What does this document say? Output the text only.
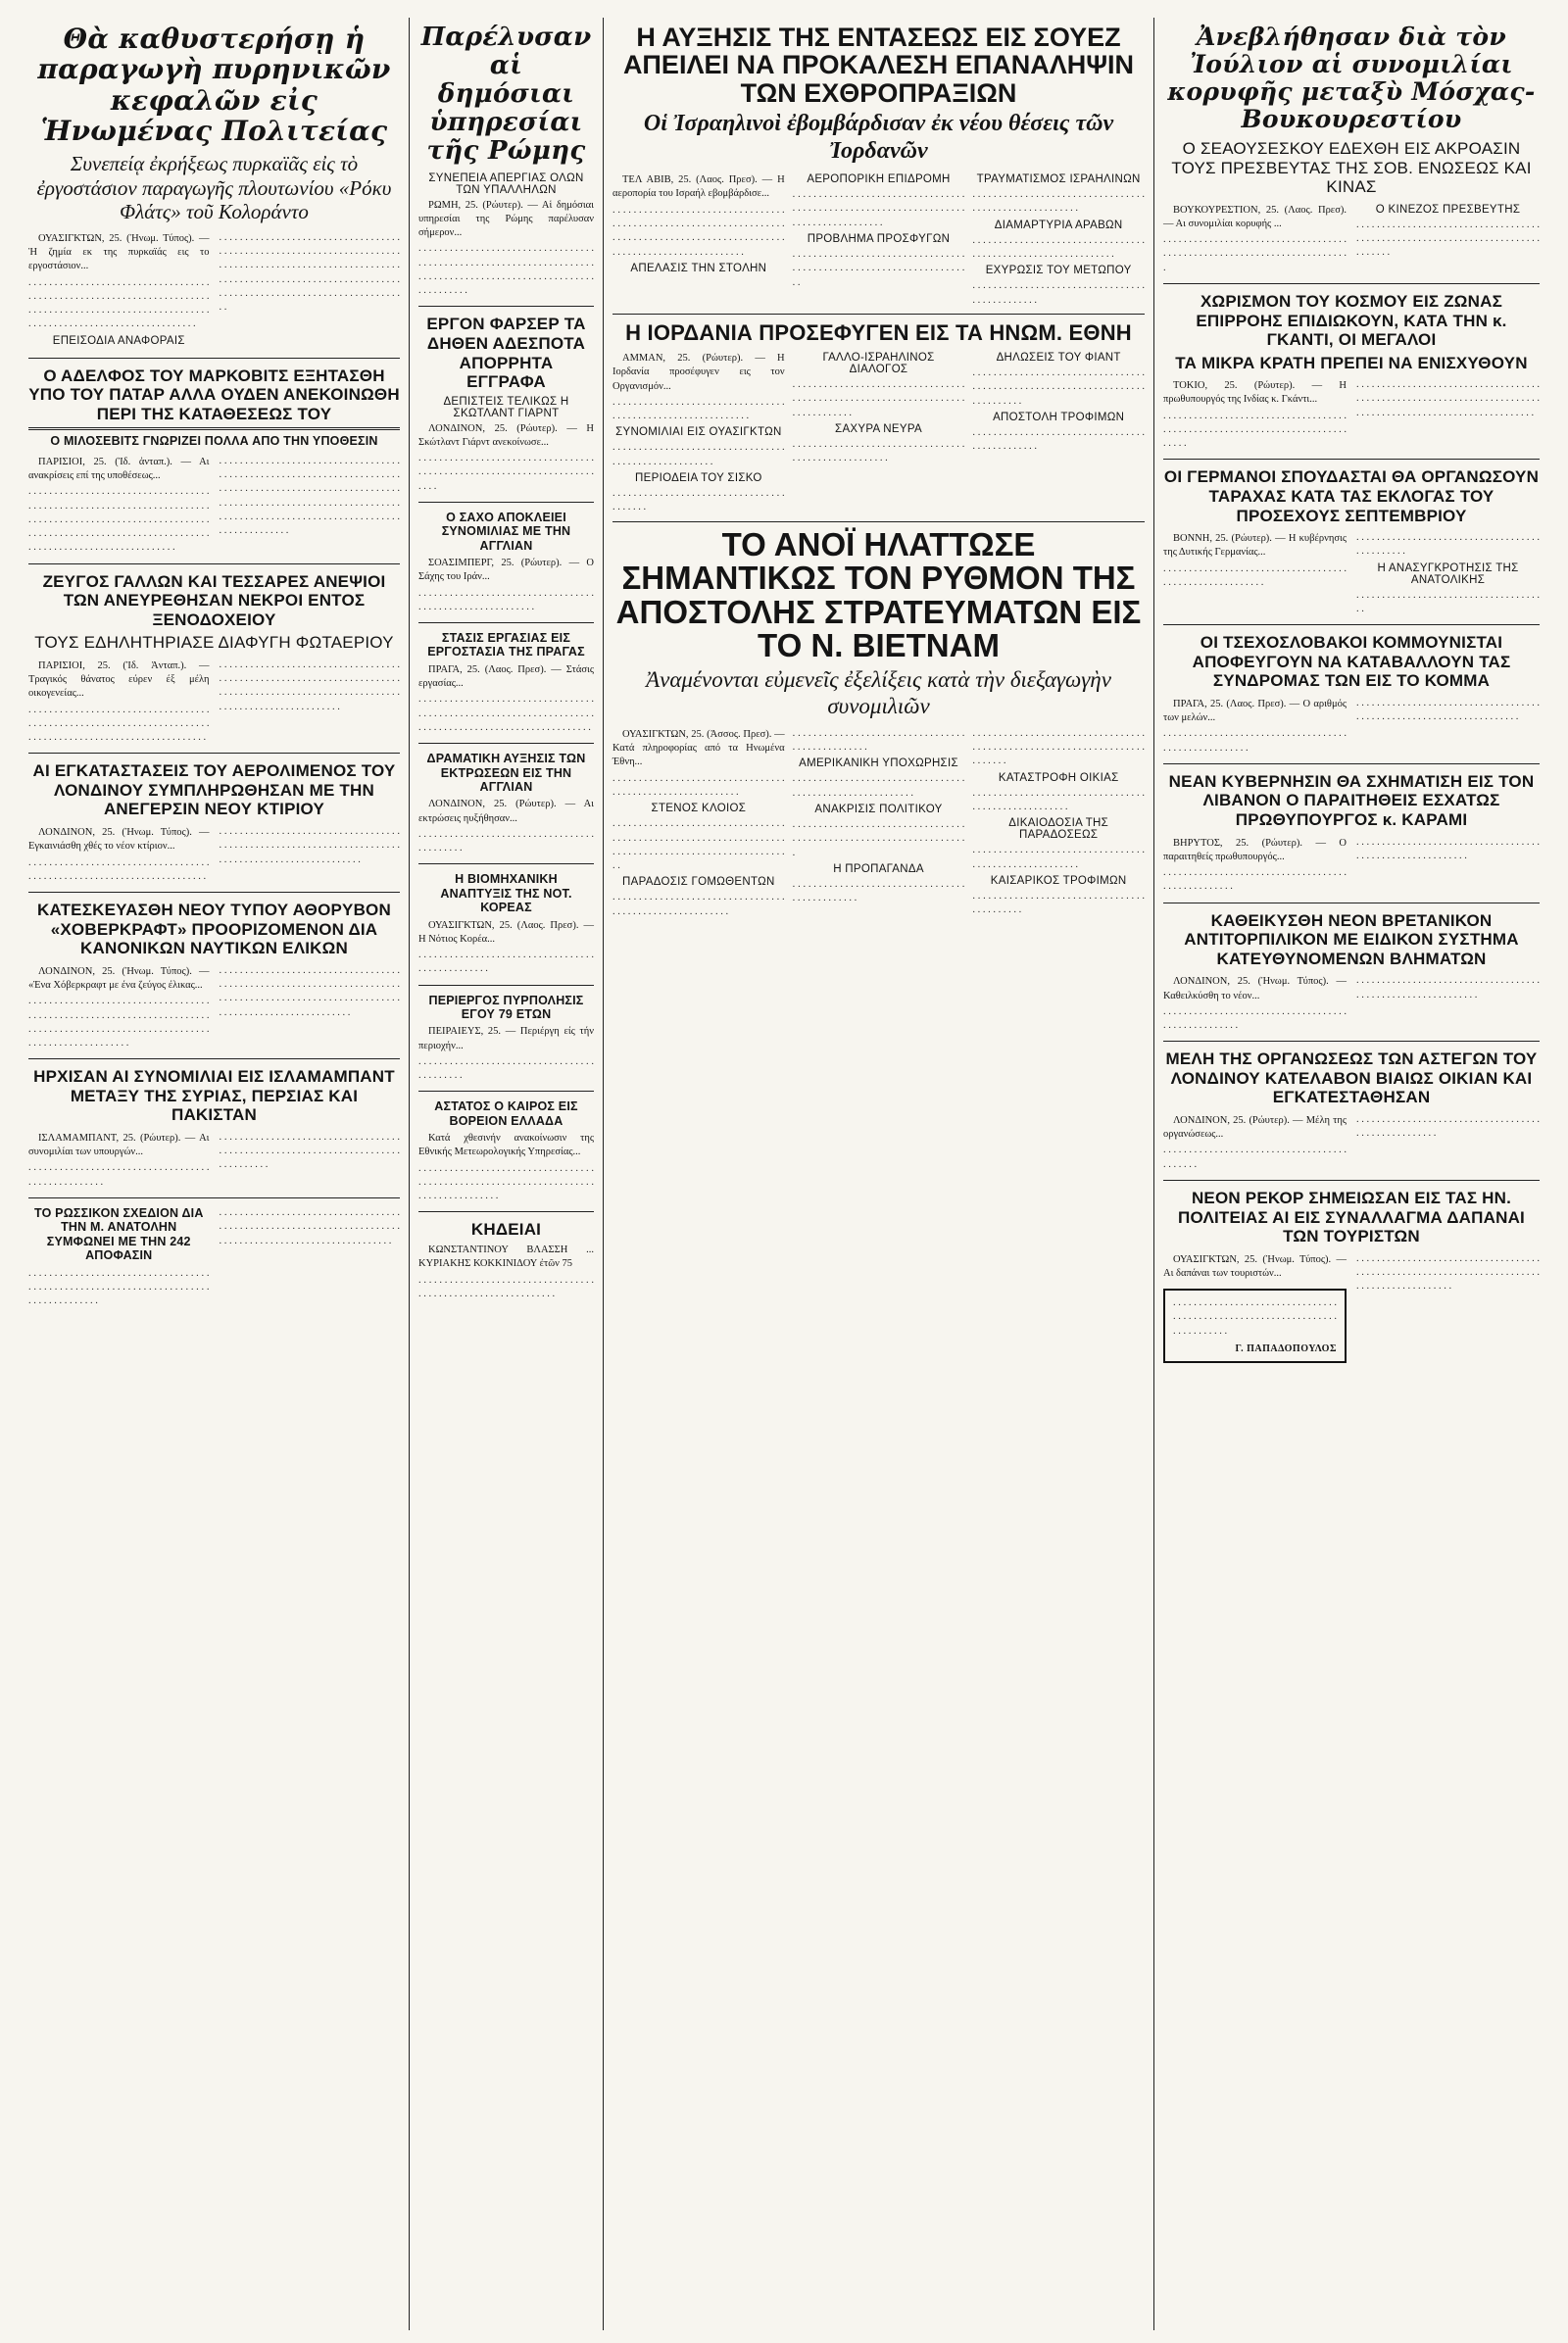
Θὰ καθυστερήσῃ ἡ παραγωγὴ πυρηνικῶν κεφαλῶν εἰς Ἡνωμένας Πολιτείας
Συνεπείᾳ ἐκρήξεως πυρκαϊᾶς εἰς τὸ ἐργοστάσιον παραγωγῆς πλουτωνίου «Ρόκυ Φλάτς» τοῦ Κολοράντο

ΟΥΑΣΙΓΚΤΩΝ, 25. (Ἠνωμ. Τύπος). — Ἡ ζημία εκ της πυρκαϊάς εις το εργοστάσιον...

. . . . . . . . . . . . . . . . . . . . . . . . . . . . . . . . . . . . . . . . . . . . . . . . . . . . . . . . . . . . . . . . . . . . . . . . . . . . . . . . . . . . . . . . . . . . . . . . . . . . . . . . . . . . . . . . . . . . . . . . . . . . . . . . . . . . . . . . . .

ΕΠΕΙΣΟΔΙΑ ΑΝΑΦΟΡΑΙΣ

. . . . . . . . . . . . . . . . . . . . . . . . . . . . . . . . . . . . . . . . . . . . . . . . . . . . . . . . . . . . . . . . . . . . . . . . . . . . . . . . . . . . . . . . . . . . . . . . . . . . . . . . . . . . . . . . . . . . . . . . . . . . . . . . . . . . . . . . . . . . . . . . . . . . . . . . . . . . . . . . . . . . . . . . . . . . . . . . .

Ο ΑΔΕΛΦΟΣ ΤΟΥ ΜΑΡΚΟΒΙΤΣ ΕΞΗΤΑΣΘΗ ΥΠΟ ΤΟΥ ΠΑΤΑΡ ΑΛΛΑ ΟΥΔΕΝ ΑΝΕΚΟΙΝΩΘΗ ΠΕΡΙ ΤΗΣ ΚΑΤΑΘΕΣΕΩΣ ΤΟΥ
Ο ΜΙΛΟΣΕΒΙΤΣ ΓΝΩΡΙΖΕΙ ΠΟΛΛΑ ΑΠΟ ΤΗΝ ΥΠΟΘΕΣΙΝ

ΠΑΡΙΣΙΟΙ, 25. (Ἰδ. ἀνταπ.). — Αι ανακρίσεις επί της υποθέσεως...

. . . . . . . . . . . . . . . . . . . . . . . . . . . . . . . . . . . . . . . . . . . . . . . . . . . . . . . . . . . . . . . . . . . . . . . . . . . . . . . . . . . . . . . . . . . . . . . . . . . . . . . . . . . . . . . . . . . . . . . . . . . . . . . . . . . . . . . . . . . . . . . . . . . . . . . . . . . . . . . . . . . . . . . . .

. . . . . . . . . . . . . . . . . . . . . . . . . . . . . . . . . . . . . . . . . . . . . . . . . . . . . . . . . . . . . . . . . . . . . . . . . . . . . . . . . . . . . . . . . . . . . . . . . . . . . . . . . . . . . . . . . . . . . . . . . . . . . . . . . . . . . . . . . . . . . . . . . . . . . . . . . . . . . . . . . . . . . . . . . . . . . . . . . . . . . . . . . . . . .

ΖΕΥΓΟΣ ΓΑΛΛΩΝ ΚΑΙ ΤΕΣΣΑΡΕΣ ΑΝΕΨΙΟΙ ΤΩΝ ΑΝΕΥΡΕΘΗΣΑΝ ΝΕΚΡΟΙ ΕΝΤΟΣ ΞΕΝΟΔΟΧΕΙΟΥ
ΤΟΥΣ ΕΔΗΛΗΤΗΡΙΑΣΕ ΔΙΑΦΥΓΗ ΦΩΤΑΕΡΙΟΥ

ΠΑΡΙΣΙΟΙ, 25. (Ἰδ. Ἀνταπ.). — Τραγικός θάνατος εύρεν έξ μέλη οικογενείας...

. . . . . . . . . . . . . . . . . . . . . . . . . . . . . . . . . . . . . . . . . . . . . . . . . . . . . . . . . . . . . . . . . . . . . . . . . . . . . . . . . . . . . . . . . . . . . . . . . . . . . . . . .

. . . . . . . . . . . . . . . . . . . . . . . . . . . . . . . . . . . . . . . . . . . . . . . . . . . . . . . . . . . . . . . . . . . . . . . . . . . . . . . . . . . . . . . . . . . . . . . . . . . . . . . . . . . . . . . . . . . . . . . . . . . . . . . . .

ΑΙ ΕΓΚΑΤΑΣΤΑΣΕΙΣ ΤΟΥ ΑΕΡΟΛΙΜΕΝΟΣ ΤΟΥ ΛΟΝΔΙΝΟΥ ΣΥΜΠΛΗΡΩΘΗΣΑΝ ΜΕ ΤΗΝ ΑΝΕΓΕΡΣΙΝ ΝΕΟΥ ΚΤΙΡΙΟΥ

ΛΟΝΔΙΝΟΝ, 25. (Ἠνωμ. Τύπος). — Εγκαινιάσθη χθές το νέον κτίριον...

. . . . . . . . . . . . . . . . . . . . . . . . . . . . . . . . . . . . . . . . . . . . . . . . . . . . . . . . . . . . . . . . . . . . . .

. . . . . . . . . . . . . . . . . . . . . . . . . . . . . . . . . . . . . . . . . . . . . . . . . . . . . . . . . . . . . . . . . . . . . . . . . . . . . . . . . . . . . . . . . . . . . . . . . .

ΚΑΤΕΣΚΕΥΑΣΘΗ ΝΕΟΥ ΤΥΠΟΥ ΑΘΟΡΥΒΟΝ «ΧΟΒΕΡΚΡΑΦΤ» ΠΡΟΟΡΙΖΟΜΕΝΟΝ ΔΙΑ ΚΑΝΟΝΙΚΩΝ ΝΑΥΤΙΚΩΝ ΕΛΙΚΩΝ

ΛΟΝΔΙΝΟΝ, 25. (Ἠνωμ. Τύπος). — «Ένα Χόβερκραφτ με ένα ζεύγος έλικας...

. . . . . . . . . . . . . . . . . . . . . . . . . . . . . . . . . . . . . . . . . . . . . . . . . . . . . . . . . . . . . . . . . . . . . . . . . . . . . . . . . . . . . . . . . . . . . . . . . . . . . . . . . . . . . . . . . . . . . . . . . . . . .

. . . . . . . . . . . . . . . . . . . . . . . . . . . . . . . . . . . . . . . . . . . . . . . . . . . . . . . . . . . . . . . . . . . . . . . . . . . . . . . . . . . . . . . . . . . . . . . . . . . . . . . . . . . . . . . . . . . . . . . . . . . . . . . . . . .

ΗΡΧΙΣΑΝ ΑΙ ΣΥΝΟΜΙΛΙΑΙ ΕΙΣ ΙΣΛΑΜΑΜΠΑΝΤ ΜΕΤΑΞΥ ΤΗΣ ΣΥΡΙΑΣ, ΠΕΡΣΙΑΣ ΚΑΙ ΠΑΚΙΣΤΑΝ

ΙΣΛΑΜΑΜΠΑΝΤ, 25. (Ρώυτερ). — Αι συνομιλίαι των υπουργών...

. . . . . . . . . . . . . . . . . . . . . . . . . . . . . . . . . . . . . . . . . . . . . . . . . .

. . . . . . . . . . . . . . . . . . . . . . . . . . . . . . . . . . . . . . . . . . . . . . . . . . . . . . . . . . . . . . . . . . . . . . . . . . . . . . . .

ΤΟ ΡΩΣΣΙΚΟΝ ΣΧΕΔΙΟΝ ΔΙΑ ΤΗΝ Μ. ΑΝΑΤΟΛΗΝ ΣΥΜΦΩΝΕΙ ΜΕ ΤΗΝ 242 ΑΠΟΦΑΣΙΝ

. . . . . . . . . . . . . . . . . . . . . . . . . . . . . . . . . . . . . . . . . . . . . . . . . . . . . . . . . . . . . . . . . . . . . . . . . . . . . . . . . . . .

. . . . . . . . . . . . . . . . . . . . . . . . . . . . . . . . . . . . . . . . . . . . . . . . . . . . . . . . . . . . . . . . . . . . . . . . . . . . . . . . . . . . . . . . . . . . . . . . . . . . . . . .

Παρέλυσαν αἱ δημόσιαι ὑπηρεσίαι τῆς Ρώμης
ΣΥΝΕΠΕΙΑ ΑΠΕΡΓΙΑΣ ΟΛΩΝ ΤΩΝ ΥΠΑΛΛΗΛΩΝ

ΡΩΜΗ, 25. (Ρώυτερ). — Αἱ δημόσιαι υπηρεσίαι της Ρώμης παρέλυσαν σήμερον...

. . . . . . . . . . . . . . . . . . . . . . . . . . . . . . . . . . . . . . . . . . . . . . . . . . . . . . . . . . . . . . . . . . . . . . . . . . . . . . . . . . . . . . . . . . . . . . . . . . . . . . . . . . . . . . . .

ΕΡΓΟΝ ΦΑΡΣΕΡ ΤΑ ΔΗΘΕΝ ΑΔΕΣΠΟΤΑ ΑΠΟΡΡΗΤΑ ΕΓΓΡΑΦΑ
ΔΕΠΙΣΤΕΙΣ ΤΕΛΙΚΩΣ Η ΣΚΩΤΛΑΝΤ ΓΙΑΡΝΤ

ΛΟΝΔΙΝΟΝ, 25. (Ρώυτερ). — Η Σκώτλαντ Γιάρντ ανεκοίνωσε...

. . . . . . . . . . . . . . . . . . . . . . . . . . . . . . . . . . . . . . . . . . . . . . . . . . . . . . . . . . . . . . . . . . . . . . . .

Ο ΣΑΧΟ ΑΠΟΚΛΕΙΕΙ ΣΥΝΟΜΙΛΙΑΣ ΜΕ ΤΗΝ ΑΓΓΛΙΑΝ

ΣΟΑΣΙΜΠΕΡΓ, 25. (Ρώυτερ). — Ο Σάχης του Ιράν...

. . . . . . . . . . . . . . . . . . . . . . . . . . . . . . . . . . . . . . . . . . . . . . . . . . . . . . . . .

ΣΤΑΣΙΣ ΕΡΓΑΣΙΑΣ ΕΙΣ ΕΡΓΟΣΤΑΣΙΑ ΤΗΣ ΠΡΑΓΑΣ

ΠΡΑΓΑ, 25. (Λαος. Πρεσ). — Στάσις εργασίας...

. . . . . . . . . . . . . . . . . . . . . . . . . . . . . . . . . . . . . . . . . . . . . . . . . . . . . . . . . . . . . . . . . . . . . . . . . . . . . . . . . . . . . . . . . . . . . . . . . . . . . .

ΔΡΑΜΑΤΙΚΗ ΑΥΞΗΣΙΣ ΤΩΝ ΕΚΤΡΩΣΕΩΝ ΕΙΣ ΤΗΝ ΑΓΓΛΙΑΝ

ΛΟΝΔΙΝΟΝ, 25. (Ρώυτερ). — Αι εκτρώσεις ηυξήθησαν...

. . . . . . . . . . . . . . . . . . . . . . . . . . . . . . . . . . . . . . . . . . .

Η ΒΙΟΜΗΧΑΝΙΚΗ ΑΝΑΠΤΥΞΙΣ ΤΗΣ ΝΟΤ. ΚΟΡΕΑΣ

ΟΥΑΣΙΓΚΤΩΝ, 25. (Λαος. Πρεσ). — Η Νότιος Κορέα...

. . . . . . . . . . . . . . . . . . . . . . . . . . . . . . . . . . . . . . . . . . . . . . . .

ΠΕΡΙΕΡΓΟΣ ΠΥΡΠΟΛΗΣΙΣ ΕΓΟΥ 79 ΕΤΩΝ

ΠΕΙΡΑΙΕΥΣ, 25. — Περιέργη είς τήν περιοχήν...

. . . . . . . . . . . . . . . . . . . . . . . . . . . . . . . . . . . . . . . . . . .

ΑΣΤΑΤΟΣ Ο ΚΑΙΡΟΣ ΕΙΣ ΒΟΡΕΙΟΝ ΕΛΛΑΔΑ

Κατά χθεσινήν ανακοίνωσιν της Εθνικής Μετεωρολογικής Υπηρεσίας...

. . . . . . . . . . . . . . . . . . . . . . . . . . . . . . . . . . . . . . . . . . . . . . . . . . . . . . . . . . . . . . . . . . . . . . . . . . . . . . . . . . . .

ΚΗΔΕΙΑΙ

ΚΩΝΣΤΑΝΤΙΝΟΥ ΒΛΑΣΣΗ ... ΚΥΡΙΑΚΗΣ ΚΟΚΚΙΝΙΔΟΥ ἐτῶν 75

. . . . . . . . . . . . . . . . . . . . . . . . . . . . . . . . . . . . . . . . . . . . . . . . . . . . . . . . . . . . .

Η ΑΥΞΗΣΙΣ ΤΗΣ ΕΝΤΑΣΕΩΣ ΕΙΣ ΣΟΥΕΖ ΑΠΕΙΛΕΙ ΝΑ ΠΡΟΚΑΛΕΣΗ ΕΠΑΝΑΛΗΨΙΝ ΤΩΝ ΕΧΘΡΟΠΡΑΞΙΩΝ
Οἱ Ἰσραηλινοὶ ἐβομβάρδισαν ἐκ νέου θέσεις τῶν Ἰορδανῶν

ΤΕΛ ΑΒΙΒ, 25. (Λαος. Πρεσ). — Η αεροπορία του Ισραήλ εβομβάρδισε...

. . . . . . . . . . . . . . . . . . . . . . . . . . . . . . . . . . . . . . . . . . . . . . . . . . . . . . . . . . . . . . . . . . . . . . . . . . . . . . . . . . . . . . . . . . . . . . . . . . . . . . . . . . . . . . . . . . . . . . . . . . . . .

ΑΠΕΛΑΣΙΣ ΤΗΝ ΣΤΟΛΗΝ
ΑΕΡΟΠΟΡΙΚΗ ΕΠΙΔΡΟΜΗ

. . . . . . . . . . . . . . . . . . . . . . . . . . . . . . . . . . . . . . . . . . . . . . . . . . . . . . . . . . . . . . . . . . . . . . . . . . . . . . . . . . . .

ΠΡΟΒΛΗΜΑ ΠΡΟΣΦΥΓΩΝ

. . . . . . . . . . . . . . . . . . . . . . . . . . . . . . . . . . . . . . . . . . . . . . . . . . . . . . . . . . . . . . . . . . . .

ΤΡΑΥΜΑΤΙΣΜΟΣ ΙΣΡΑΗΛΙΝΩΝ

. . . . . . . . . . . . . . . . . . . . . . . . . . . . . . . . . . . . . . . . . . . . . . . . . . . . . .

ΔΙΑΜΑΡΤΥΡΙΑ ΑΡΑΒΩΝ

. . . . . . . . . . . . . . . . . . . . . . . . . . . . . . . . . . . . . . . . . . . . . . . . . . . . . . . . . . . . .

ΕΧΥΡΩΣΙΣ ΤΟΥ ΜΕΤΩΠΟΥ

. . . . . . . . . . . . . . . . . . . . . . . . . . . . . . . . . . . . . . . . . . . . . .

Η ΙΟΡΔΑΝΙΑ ΠΡΟΣΕΦΥΓΕΝ ΕΙΣ ΤΑ ΗΝΩΜ. ΕΘΝΗ

ΑΜΜΑΝ, 25. (Ρώυτερ). — Η Ιορδανία προσέφυγεν εις τον Οργανισμόν...

. . . . . . . . . . . . . . . . . . . . . . . . . . . . . . . . . . . . . . . . . . . . . . . . . . . . . . . . . . . .

ΣΥΝΟΜΙΛΙΑΙ ΕΙΣ ΟΥΑΣΙΓΚΤΩΝ

. . . . . . . . . . . . . . . . . . . . . . . . . . . . . . . . . . . . . . . . . . . . . . . . . . . . .

ΠΕΡΙΟΔΕΙΑ ΤΟΥ ΣΙΣΚΟ

. . . . . . . . . . . . . . . . . . . . . . . . . . . . . . . . . . . . . . . .

ΓΑΛΛΟ-ΙΣΡΑΗΛΙΝΟΣ ΔΙΑΛΟΓΟΣ

. . . . . . . . . . . . . . . . . . . . . . . . . . . . . . . . . . . . . . . . . . . . . . . . . . . . . . . . . . . . . . . . . . . . . . . . . . . . . .

ΣΑΧΥΡΑ ΝΕΥΡΑ

. . . . . . . . . . . . . . . . . . . . . . . . . . . . . . . . . . . . . . . . . . . . . . . . . . . .

ΔΗΛΩΣΕΙΣ ΤΟΥ ΦΙΑΝΤ

. . . . . . . . . . . . . . . . . . . . . . . . . . . . . . . . . . . . . . . . . . . . . . . . . . . . . . . . . . . . . . . . . . . . . . . . . . . .

ΑΠΟΣΤΟΛΗ ΤΡΟΦΙΜΩΝ

. . . . . . . . . . . . . . . . . . . . . . . . . . . . . . . . . . . . . . . . . . . . . .

ΤΟ ΑΝΟΪ ΗΛΑΤΤΩΣΕ ΣΗΜΑΝΤΙΚΩΣ ΤΟΝ ΡΥΘΜΟΝ ΤΗΣ ΑΠΟΣΤΟΛΗΣ ΣΤΡΑΤΕΥΜΑΤΩΝ ΕΙΣ ΤΟ Ν. ΒΙΕΤΝΑΜ
Ἀναμένονται εὐμενεῖς ἐξελίξεις κατὰ τὴν διεξαγωγὴν συνομιλιῶν

ΟΥΑΣΙΓΚΤΩΝ, 25. (Ἀσσος. Πρεσ). — Κατά πληροφορίας από τα Ηνωμένα Έθνη...

. . . . . . . . . . . . . . . . . . . . . . . . . . . . . . . . . . . . . . . . . . . . . . . . . . . . . . . . . .

ΣΤΕΝΟΣ ΚΛΟΙΟΣ

. . . . . . . . . . . . . . . . . . . . . . . . . . . . . . . . . . . . . . . . . . . . . . . . . . . . . . . . . . . . . . . . . . . . . . . . . . . . . . . . . . . . . . . . . . . . . . . . . . . . .

ΠΑΡΑΔΟΣΙΣ ΓΟΜΩΘΕΝΤΩΝ

. . . . . . . . . . . . . . . . . . . . . . . . . . . . . . . . . . . . . . . . . . . . . . . . . . . . . . . .

. . . . . . . . . . . . . . . . . . . . . . . . . . . . . . . . . . . . . . . . . . . . . . . .

ΑΜΕΡΙΚΑΝΙΚΗ ΥΠΟΧΩΡΗΣΙΣ

. . . . . . . . . . . . . . . . . . . . . . . . . . . . . . . . . . . . . . . . . . . . . . . . . . . . . . . . .

ΑΝΑΚΡΙΣΙΣ ΠΟΛΙΤΙΚΟΥ

. . . . . . . . . . . . . . . . . . . . . . . . . . . . . . . . . . . . . . . . . . . . . . . . . . . . . . . . . . . . . . . . . . .

Η ΠΡΟΠΑΓΑΝΔΑ

. . . . . . . . . . . . . . . . . . . . . . . . . . . . . . . . . . . . . . . . . . . . . .

. . . . . . . . . . . . . . . . . . . . . . . . . . . . . . . . . . . . . . . . . . . . . . . . . . . . . . . . . . . . . . . . . . . . . . . . .

ΚΑΤΑΣΤΡΟΦΗ ΟΙΚΙΑΣ

. . . . . . . . . . . . . . . . . . . . . . . . . . . . . . . . . . . . . . . . . . . . . . . . . . . .

ΔΙΚΑΙΟΔΟΣΙΑ ΤΗΣ ΠΑΡΑΔΟΣΕΩΣ

. . . . . . . . . . . . . . . . . . . . . . . . . . . . . . . . . . . . . . . . . . . . . . . . . . . . . .

ΚΑΙΣΑΡΙΚΟΣ ΤΡΟΦΙΜΩΝ

. . . . . . . . . . . . . . . . . . . . . . . . . . . . . . . . . . . . . . . . . . .

Ἀνεβλήθησαν διὰ τὸν Ἰούλιον αἱ συνομιλίαι κορυφῆς μεταξὺ Μόσχας-Βουκουρεστίου
Ο ΣΕΑΟΥΣΕΣΚΟΥ ΕΔΕΧΘΗ ΕΙΣ ΑΚΡΟΑΣΙΝ ΤΟΥΣ ΠΡΕΣΒΕΥΤΑΣ ΤΗΣ ΣΟΒ. ΕΝΩΣΕΩΣ ΚΑΙ ΚΙΝΑΣ

ΒΟΥΚΟΥΡΕΣΤΙΟΝ, 25. (Λαος. Πρεσ). — Αι συνομιλίαι κορυφής ...

. . . . . . . . . . . . . . . . . . . . . . . . . . . . . . . . . . . . . . . . . . . . . . . . . . . . . . . . . . . . . . . . . . . . . . . . .

Ο ΚΙΝΕΖΟΣ ΠΡΕΣΒΕΥΤΗΣ

. . . . . . . . . . . . . . . . . . . . . . . . . . . . . . . . . . . . . . . . . . . . . . . . . . . . . . . . . . . . . . . . . . . . . . . . . . . . . . .

ΧΩΡΙΣΜΟΝ ΤΟΥ ΚΟΣΜΟΥ ΕΙΣ ΖΩΝΑΣ ΕΠΙΡΡΟΗΣ ΕΠΙΔΙΩΚΟΥΝ, ΚΑΤΑ ΤΗΝ κ. ΓΚΑΝΤΙ, ΟΙ ΜΕΓΑΛΟΙ
ΤΑ ΜΙΚΡΑ ΚΡΑΤΗ ΠΡΕΠΕΙ ΝΑ ΕΝΙΣΧΥΘΟΥΝ

ΤΟΚΙΟ, 25. (Ρώυτερ). — Η πρωθυπουργός της Ινδίας κ. Γκάντι...

. . . . . . . . . . . . . . . . . . . . . . . . . . . . . . . . . . . . . . . . . . . . . . . . . . . . . . . . . . . . . . . . . . . . . . . . . . . . .

. . . . . . . . . . . . . . . . . . . . . . . . . . . . . . . . . . . . . . . . . . . . . . . . . . . . . . . . . . . . . . . . . . . . . . . . . . . . . . . . . . . . . . . . . . . . . . . . . . . . . . . . . . .

ΟΙ ΓΕΡΜΑΝΟΙ ΣΠΟΥΔΑΣΤΑΙ ΘΑ ΟΡΓΑΝΩΣΟΥΝ ΤΑΡΑΧΑΣ ΚΑΤΑ ΤΑΣ ΕΚΛΟΓΑΣ ΤΟΥ ΠΡΟΣΕΧΟΥΣ ΣΕΠΤΕΜΒΡΙΟΥ

ΒΟΝΝΗ, 25. (Ρώυτερ). — Η κυβέρνησις της Δυτικής Γερμανίας...

. . . . . . . . . . . . . . . . . . . . . . . . . . . . . . . . . . . . . . . . . . . . . . . . . . . . . . . .

. . . . . . . . . . . . . . . . . . . . . . . . . . . . . . . . . . . . . . . . . . . . . .

Η ΑΝΑΣΥΓΚΡΟΤΗΣΙΣ ΤΗΣ ΑΝΑΤΟΛΙΚΗΣ

. . . . . . . . . . . . . . . . . . . . . . . . . . . . . . . . . . . . . .

ΟΙ ΤΣΕΧΟΣΛΟΒΑΚΟΙ ΚΟΜΜΟΥΝΙΣΤΑΙ ΑΠΟΦΕΥΓΟΥΝ ΝΑ ΚΑΤΑΒΑΛΛΟΥΝ ΤΑΣ ΣΥΝΔΡΟΜΑΣ ΤΩΝ ΕΙΣ ΤΟ ΚΟΜΜΑ

ΠΡΑΓΑ, 25. (Λαος. Πρεσ). — Ο αριθμός των μελών...

. . . . . . . . . . . . . . . . . . . . . . . . . . . . . . . . . . . . . . . . . . . . . . . . . . . . .

. . . . . . . . . . . . . . . . . . . . . . . . . . . . . . . . . . . . . . . . . . . . . . . . . . . . . . . . . . . . . . . . . . . .

ΝΕΑΝ ΚΥΒΕΡΝΗΣΙΝ ΘΑ ΣΧΗΜΑΤΙΣΗ ΕΙΣ ΤΟΝ ΛΙΒΑΝΟΝ Ο ΠΑΡΑΙΤΗΘΕΙΣ ΕΣΧΑΤΩΣ ΠΡΩΘΥΠΟΥΡΓΟΣ κ. ΚΑΡΑΜΙ

ΒΗΡΥΤΟΣ, 25. (Ρώυτερ). — Ο παραιτηθείς πρωθυπουργός...

. . . . . . . . . . . . . . . . . . . . . . . . . . . . . . . . . . . . . . . . . . . . . . . . . .

. . . . . . . . . . . . . . . . . . . . . . . . . . . . . . . . . . . . . . . . . . . . . . . . . . . . . . . . . .

ΚΑΘΕΙΚΥΣΘΗ ΝΕΟΝ ΒΡΕΤΑΝΙΚΟΝ ΑΝΤΙΤΟΡΠΙΛΙΚΟΝ ΜΕ ΕΙΔΙΚΟΝ ΣΥΣΤΗΜΑ ΚΑΤΕΥΘΥΝΟΜΕΝΩΝ ΒΛΗΜΑΤΩΝ

ΛΟΝΔΙΝΟΝ, 25. (Ἠνωμ. Τύπος). — Καθειλκύσθη το νέον...

. . . . . . . . . . . . . . . . . . . . . . . . . . . . . . . . . . . . . . . . . . . . . . . . . . .

. . . . . . . . . . . . . . . . . . . . . . . . . . . . . . . . . . . . . . . . . . . . . . . . . . . . . . . . . . . .

ΜΕΛΗ ΤΗΣ ΟΡΓΑΝΩΣΕΩΣ ΤΩΝ ΑΣΤΕΓΩΝ ΤΟΥ ΛΟΝΔΙΝΟΥ ΚΑΤΕΛΑΒΟΝ ΒΙΑΙΩΣ ΟΙΚΙΑΝ ΚΑΙ ΕΓΚΑΤΕΣΤΑΘΗΣΑΝ

ΛΟΝΔΙΝΟΝ, 25. (Ρώυτερ). — Μέλη της οργανώσεως...

. . . . . . . . . . . . . . . . . . . . . . . . . . . . . . . . . . . . . . . . . . .

. . . . . . . . . . . . . . . . . . . . . . . . . . . . . . . . . . . . . . . . . . . . . . . . . . . .

ΝΕΟΝ ΡΕΚΟΡ ΣΗΜΕΙΩΣΑΝ ΕΙΣ ΤΑΣ ΗΝ. ΠΟΛΙΤΕΙΑΣ ΑΙ ΕΙΣ ΣΥΝΑΛΛΑΓΜΑ ΔΑΠΑΝΑΙ ΤΩΝ ΤΟΥΡΙΣΤΩΝ

ΟΥΑΣΙΓΚΤΩΝ, 25. (Ἠνωμ. Τύπος). — Αι δαπάναι των τουριστών...

. . . . . . . . . . . . . . . . . . . . . . . . . . . . . . . . . . . . . . . . . . . . . . . . . . . . . . . . . . . . . . . . . . . . . . . . . . .
Γ. ΠΑΠΑΔΟΠΟΥΛΟΣ

. . . . . . . . . . . . . . . . . . . . . . . . . . . . . . . . . . . . . . . . . . . . . . . . . . . . . . . . . . . . . . . . . . . . . . . . . . . . . . . . . . . . . . . . . . .
